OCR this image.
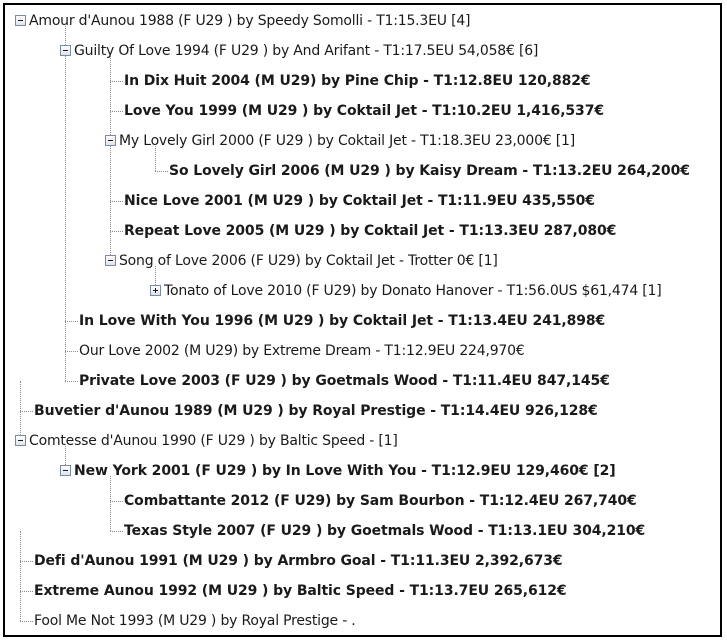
Amour d'Aunou 1988 (F U29 ) by Speedy Somolli - T1:15.3EU [4]
Guilty Of Love 1994 (F U29 ) by And Arifant - T1:17.5EU 54,058€ [6]
In Dix Huit 2004 (M U29) by Pine Chip - T1:12.8EU 120,882€
Love You 1999 (M U29 ) by Coktail Jet - T1:10.2EU 1,416,537€
My Lovely Girl 2000 (F U29 ) by Coktail Jet - T1:18.3EU 23,000€ [1]
So Lovely Girl 2006 (M U29 ) by Kaisy Dream - T1:13.2EU 264,200€
Nice Love 2001 (M U29 ) by Coktail Jet - T1:11.9EU 435,550€
Repeat Love 2005 (M U29 ) by Coktail Jet - T1:13.3EU 287,080€
Song of Love 2006 (F U29) by Coktail Jet - Trotter 0€ [1]
Tonato of Love 2010 (F U29) by Donato Hanover - T1:56.0US $61,474 [1]
In Love With You 1996 (M U29 ) by Coktail Jet - T1:13.4EU 241,898€
Our Love 2002 (M U29) by Extreme Dream - T1:12.9EU 224,970€
Private Love 2003 (F U29 ) by Goetmals Wood - T1:11.4EU 847,145€
Buvetier d'Aunou 1989 (M U29 ) by Royal Prestige - T1:14.4EU 926,128€
Comtesse d'Aunou 1990 (F U29 ) by Baltic Speed - [1]
New York 2001 (F U29 ) by In Love With You - T1:12.9EU 129,460€ [2]
Combattante 2012 (F U29) by Sam Bourbon - T1:12.4EU 267,740€
Texas Style 2007 (F U29 ) by Goetmals Wood - T1:13.1EU 304,210€
Defi d'Aunou 1991 (M U29 ) by Armbro Goal - T1:11.3EU 2,392,673€
Extreme Aunou 1992 (M U29 ) by Baltic Speed - T1:13.7EU 265,612€
Fool Me Not 1993 (M U29 ) by Royal Prestige - .
